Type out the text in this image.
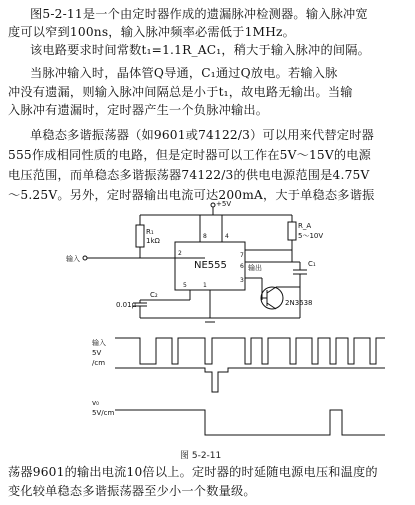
图5-2-11是一个由定时器作成的遗漏脉冲检测器。输入脉冲宽
度可以窄到100ns，输入脉冲频率必需低于1MHz。
该电路要求时间常数t₁=1.1R_AC₁，稍大于输入脉冲的间隔。
当脉冲输入时，晶体管Q导通，C₁通过Q放电。若输入脉
冲没有遗漏，则输入脉冲间隔总是小于t₁，故电路无输出。当输
入脉冲有遗漏时，定时器产生一个负脉冲输出。
单稳态多谐振荡器（如9601或74122/3）可以用来代替定时器
555作成相同性质的电路，但是定时器可以工作在5V～15V的电源
电压范围，而单稳态多谐振荡器74122/3的供电电源范围是4.75V
～5.25V。另外，定时器输出电流可达200mA，大于单稳态多谐振
NE555
+5V
R₁
1kΩ
R_A
5～10V
C₁
C₂
0.01μ
输入
输出
2N3638
8	4
3
7
6
2
1
5
输入
5V
/cm
v₀
5V/cm
图 5-2-11
荡器9601的输出电流10倍以上。定时器的时延随电源电压和温度的
变化较单稳态多谐振荡器至少小一个数量级。
